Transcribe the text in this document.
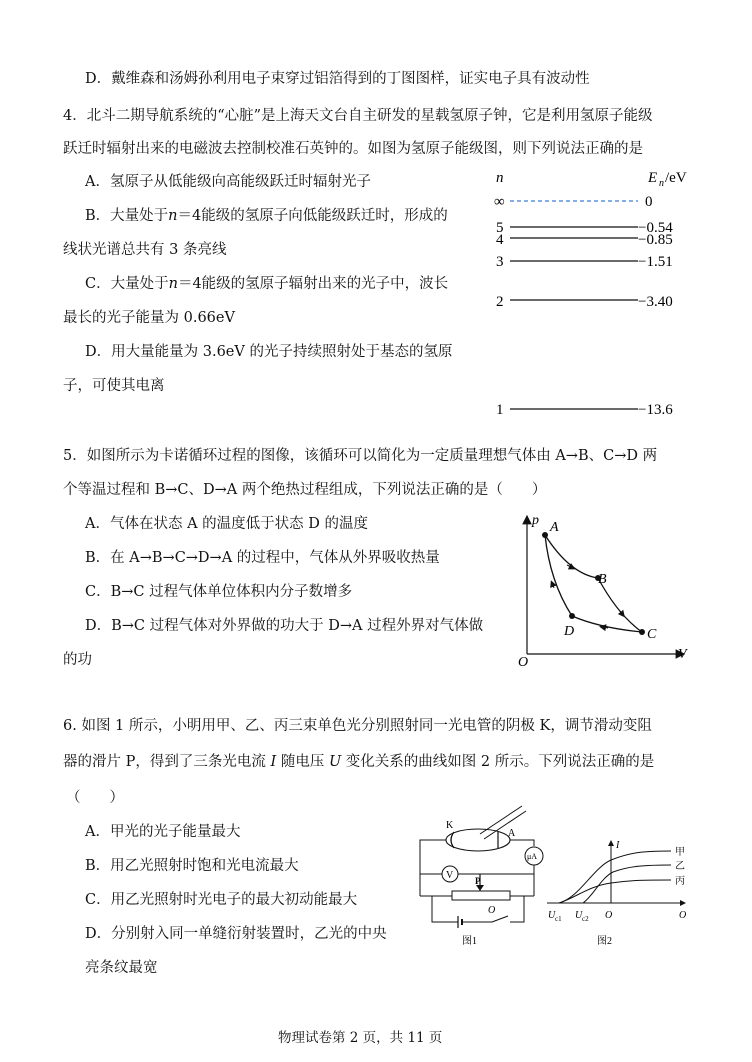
D．戴维森和汤姆孙利用电子束穿过铝箔得到的丁图图样，证实电子具有波动性
4．北斗二期导航系统的“心脏”是上海天文台自主研发的星载氢原子钟，它是利用氢原子能级
跃迁时辐射出来的电磁波去控制校准石英钟的。如图为氢原子能级图，则下列说法正确的是
A．氢原子从低能级向高能级跃迁时辐射光子
B．大量处于n＝4能级的氢原子向低能级跃迁时，形成的
线状光谱总共有 3 条亮线
C．大量处于n＝4能级的氢原子辐射出来的光子中，波长
最长的光子能量为 0.66eV
D．用大量能量为 3.6eV 的光子持续照射处于基态的氢原
子，可使其电离
n	E n /eV
∞	0
5	−0.54
4	−0.85
3	−1.51
2	−3.40
1	−13.6
5．如图所示为卡诺循环过程的图像，该循环可以简化为一定质量理想气体由 A→B、C→D 两
个等温过程和 B→C、D→A 两个绝热过程组成，下列说法正确的是（　　）
A．气体在状态 A 的温度低于状态 D 的温度
B．在 A→B→C→D→A 的过程中，气体从外界吸收热量
C．B→C 过程气体单位体积内分子数增多
D．B→C 过程气体对外界做的功大于 D→A 过程外界对气体做
的功
p
V
O
A
B
C
D
6. 如图 1 所示，小明用甲、乙、丙三束单色光分别照射同一光电管的阴极 K，调节滑动变阻
器的滑片 P，得到了三条光电流 I 随电压 U 变化关系的曲线如图 2 所示。下列说法正确的是
（　　）
A．甲光的光子能量最大
B．用乙光照射时饱和光电流最大
C．用乙光照射时光电子的最大初动能最大
D．分别射入同一单缝衍射装置时，乙光的中央
亮条纹最宽
K
A
μA
V P
O
图1
I
O	O
U c1 U c2
甲
乙
丙
图2
物理试卷第 2 页，共 11 页
